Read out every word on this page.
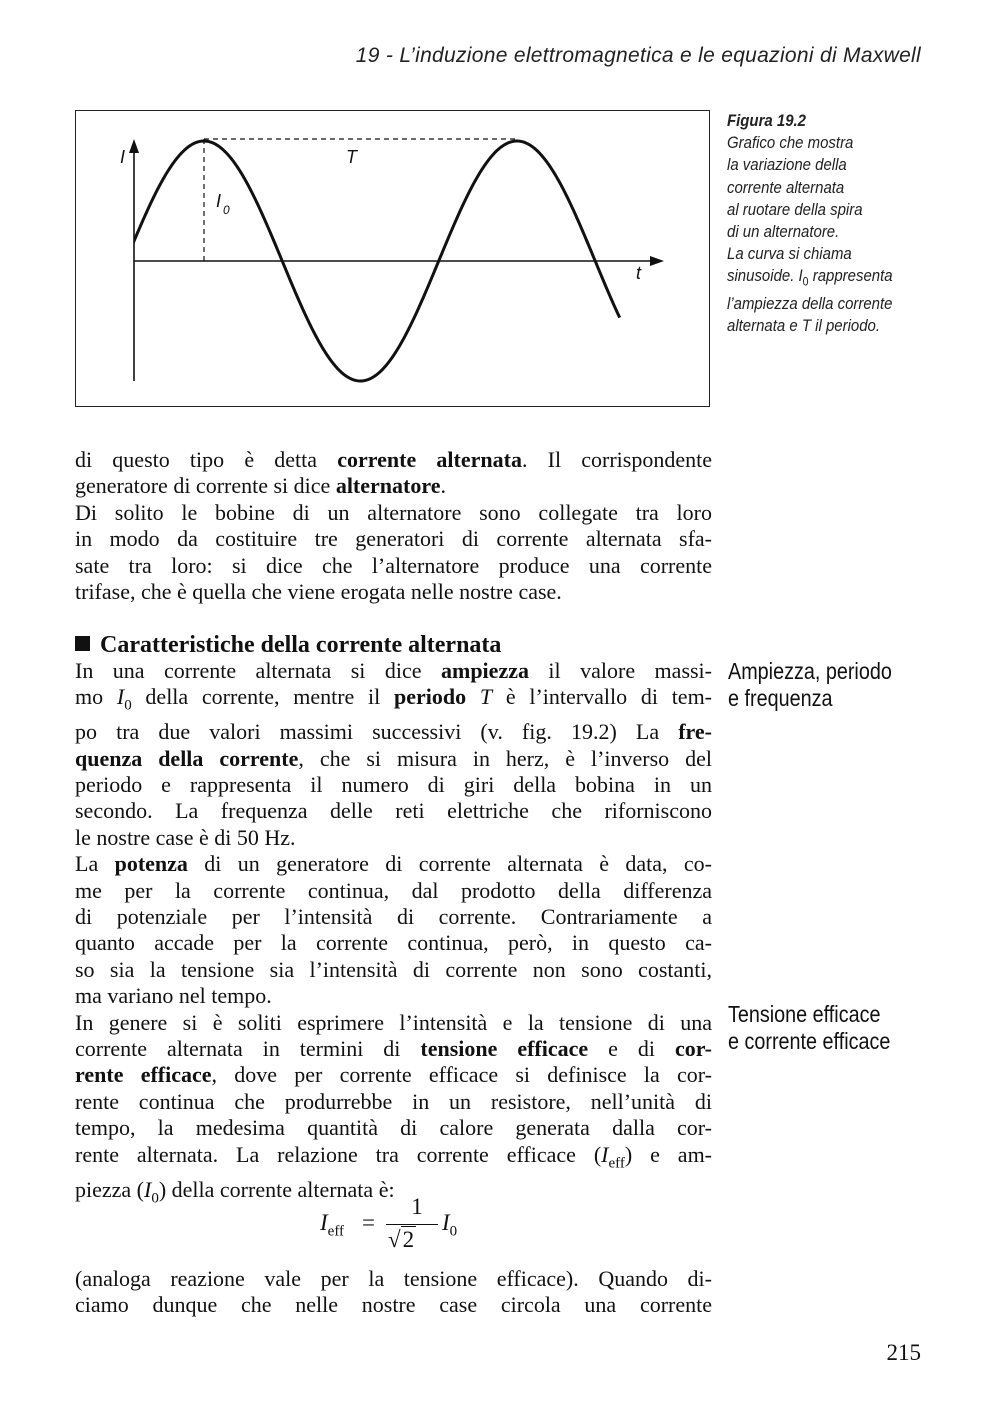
19 - L’induzione elettromagnetica e le equazioni di Maxwell
I	T
I 0
t
Figura 19.2
Grafico che mostra
la variazione della
corrente alternata
al ruotare della spira
di un alternatore.
La curva si chiama
sinusoide. $I_0$ rappresenta
l’ampiezza della corrente
alternata e T il periodo.
di questo tipo è detta corrente alternata. Il corrispondente
generatore di corrente si dice alternatore.
Di solito le bobine di un alternatore sono collegate tra loro
in modo da costituire tre generatori di corrente alternata sfa-
sate tra loro: si dice che l’alternatore produce una corrente
trifase, che è quella che viene erogata nelle nostre case.
Caratteristiche della corrente alternata
In una corrente alternata si dice ampiezza il valore massi-
mo $I_0$ della corrente, mentre il periodo T è l’intervallo di tem-
po tra due valori massimi successivi (v. fig. 19.2) La fre-
quenza della corrente, che si misura in herz, è l’inverso del
periodo e rappresenta il numero di giri della bobina in un
secondo. La frequenza delle reti elettriche che riforniscono
le nostre case è di 50 Hz.
La potenza di un generatore di corrente alternata è data, co-
me per la corrente continua, dal prodotto della differenza
di potenziale per l’intensità di corrente. Contrariamente a
quanto accade per la corrente continua, però, in questo ca-
so sia la tensione sia l’intensità di corrente non sono costanti,
ma variano nel tempo.
In genere si è soliti esprimere l’intensità e la tensione di una
corrente alternata in termini di tensione efficace e di cor-
rente efficace, dove per corrente efficace si definisce la cor-
rente continua che produrrebbe in un resistore, nell’unità di
tempo, la medesima quantità di calore generata dalla cor-
rente alternata. La relazione tra corrente efficace $(I_{eff})$ e am-
piezza $(I_0)$ della corrente alternata è:
$I_{eff}$ =
1
√2
$I_0$
(analoga reazione vale per la tensione efficace). Quando di-
ciamo dunque che nelle nostre case circola una corrente
Ampiezza, periodo
e frequenza
Tensione efficace
e corrente efficace
215
